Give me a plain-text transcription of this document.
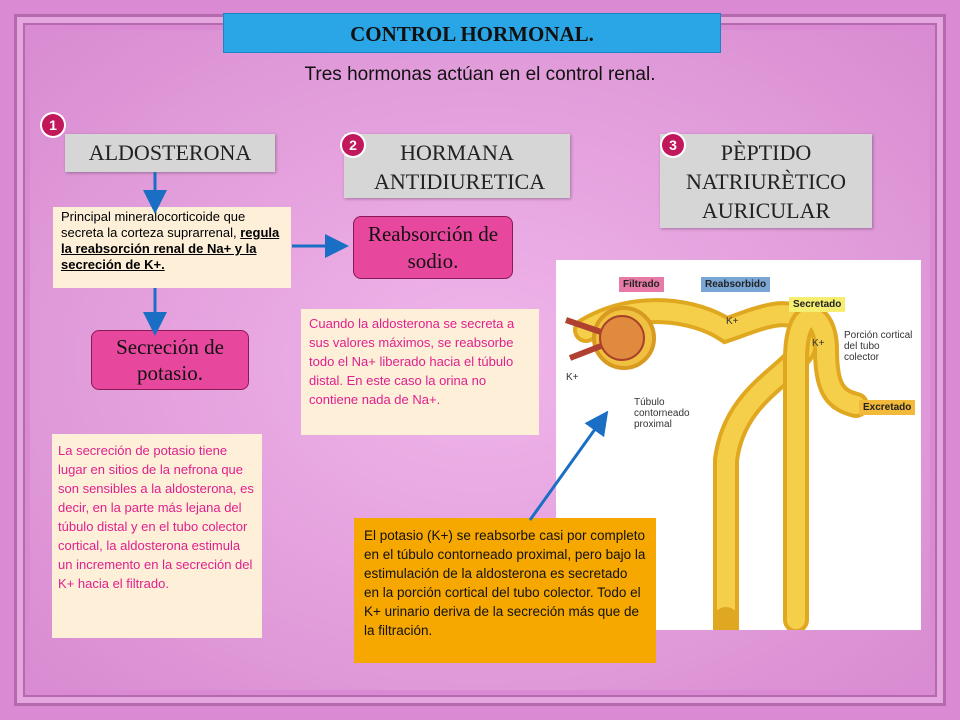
CONTROL HORMONAL.
Tres hormonas actúan en el control renal.
1
ALDOSTERONA	HORMANA ANTIDIURETICA
2	PÈPTIDO NATRIURÈTICO AURICULAR
3
Principal mineralocorticoide que secreta la corteza suprarrenal, regula la reabsorción renal de Na+ y la secreción de K+.
Reabsorción de sodio.
Secreción de potasio.
Cuando la aldosterona se secreta a sus valores máximos, se reabsorbe todo el Na+ liberado hacia el túbulo distal. En este caso la orina no contiene nada de Na+.
La secreción de potasio tiene lugar en sitios de la nefrona que son sensibles a la aldosterona, es decir, en la parte más lejana del túbulo distal y en el tubo colector cortical, la aldosterona estimula un incremento en la secreción del K+ hacia el filtrado.
Filtrado	Reabsorbido
Secretado
Excretado
K+
K+
K+
Túbulo contorneado proximal
Porción cortical del tubo colector
El potasio (K+) se reabsorbe casi por completo en el túbulo contorneado proximal, pero bajo la estimulación de la aldosterona es secretado en la porción cortical del tubo colector. Todo el K+ urinario deriva de la secreción más que de la filtración.
